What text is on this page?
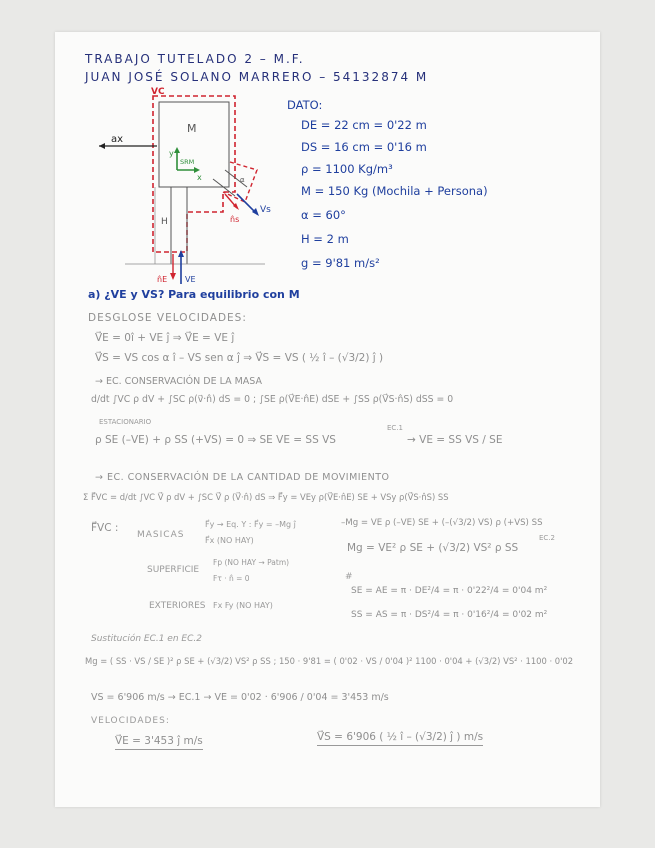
TRABAJO TUTELADO 2 – M.F.
JUAN JOSÉ SOLANO MARRERO – 54132874 M
VC
M
ax
y
x
SRM
Vs
n̂s
α
H
n̂E VE
DATO:
DE = 22 cm = 0'22 m
DS = 16 cm = 0'16 m
ρ = 1100 Kg/m³
M = 150 Kg (Mochila + Persona)
α = 60°
H = 2 m
g = 9'81 m/s²
a) ¿VE y VS? Para equilibrio con M
DESGLOSE VELOCIDADES:
V⃗E = 0î + VE ĵ ⇒ V⃗E = VE ĵ
V⃗S = VS cos α î – VS sen α ĵ ⇒ V⃗S = VS ( ½ î – (√3/2) ĵ )
→ EC. CONSERVACIÓN DE LA MASA
d/dt ∫VC ρ dV + ∫SC ρ(v⃗·n̂) dS = 0 ; ∫SE ρ(V⃗E·n̂E) dSE + ∫SS ρ(V⃗S·n̂S) dSS = 0
ESTACIONARIO
ρ SE (–VE) + ρ SS (+VS) = 0 ⇒ SE VE = SS VS
EC.1
→ VE = SS VS / SE
→ EC. CONSERVACIÓN DE LA CANTIDAD DE MOVIMIENTO
Σ F⃗VC = d/dt ∫VC V⃗ ρ dV + ∫SC V⃗ ρ (V⃗·n̂) dS ⇒ F⃗y = VEy ρ(V⃗E·n̂E) SE + VSy ρ(V⃗S·n̂S) SS
F⃗VC :
MASICAS
F⃗y → Eq. Y : F⃗y = –Mg ĵ
F⃗x (NO HAY)
SUPERFICIE
Fp (NO HAY → Patm)
Fτ · n̂ = 0
EXTERIORES Fx Fy (NO HAY)
–Mg = VE ρ (–VE) SE + (–(√3/2) VS) ρ (+VS) SS
Mg = VE² ρ SE + (√3/2) VS² ρ SS
EC.2
#
SE = AE = π · DE²/4 = π · 0'22²/4 = 0'04 m²
SS = AS = π · DS²/4 = π · 0'16²/4 = 0'02 m²
Sustitución EC.1 en EC.2
Mg = ( SS · VS / SE )² ρ SE + (√3/2) VS² ρ SS ; 150 · 9'81 = ( 0'02 · VS / 0'04 )² 1100 · 0'04 + (√3/2) VS² · 1100 · 0'02
VS = 6'906 m/s → EC.1 → VE = 0'02 · 6'906 / 0'04 = 3'453 m/s
VELOCIDADES:
V⃗E = 3'453 ĵ m/s	V⃗S = 6'906 ( ½ î – (√3/2) ĵ ) m/s
